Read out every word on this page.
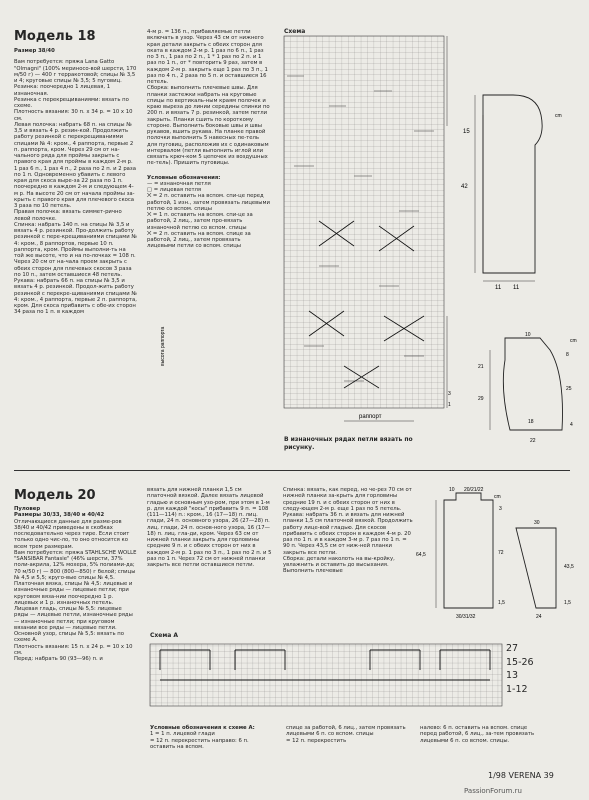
Модель 18

Размер 38/40

Вам потребуется: пряжа Lana Gatto "Olmagni" (100% мериносо-вой шерсти, 170 м/50 г) — 400 г терракотовой; спицы № 3,5 и 4; круговые спицы № 3,5; 5 пуговиц.

Резинка: поочередно 1 лицевая, 1 изнаночная.

Резинка с перекрещиваниями: вязать по схеме.

Плотность вязания: 30 п. x 34 р. = 10 x 10 см.

Левая полочка: набрать 68 п. на спицы № 3,5 и вязать 4 р. резин-кой. Продолжить работу резинкой с перекрещиваниями спицами № 4: кром., 4 раппорта, первые 2 п. раппорта, кром. Через 29 см от на-чального ряда для проймы закрыть с правого края для проймы в каждом 2-м р. 1 раз 6 п., 1 раз 4 п., 2 раза по 2 п. и 2 раза по 1 п. Одновременно убавить с левого края для скоса выре-за 22 раза по 1 п. поочередно в каждом 2-м и следующем 4-м р. На высоте 20 см от начала проймы за-крыть с правого края для плечевого скоса 3 раза по 10 петель.

Правая полочка: вязать симмет-рично левой полочке.

Спинка: набрать 140 п. на спицы № 3,5 и вязать 4 р. резинкой. Про-должить работу резинкой с пере-крещиваниями спицами № 4: кром., 8 раппортов, первые 10 п. раппорта, кром. Проймы выполни-ть на той же высоте, что и на по-лочках = 108 п. Через 20 см от на-чала проем закрыть с обеих сторон для плечевых скосов 3 раза по 10 п., затем оставшиеся 48 петель.

Рукава: набрать 66 п. на спицы № 3,5 и вязать 4 р. резинкой. Продол-жить работу резинкой с перекре-щиваниями спицами № 4: кром., 4 раппорта, первые 2 п. раппорта, кром. Для скоса прибавить с обе-их сторон 34 раза по 1 п. в каждом

4-м р. = 136 п., прибавляемые петли включать в узор. Через 43 см от нижнего края детали закрыть с обеих сторон для оката в каждом 2-м р. 1 раз по 6 п., 1 раз по 3 п., 1 раз по 2 п., 1 * 1 раз по 2 п. и 1 раз по 1 п., от * повторить 9 раз, затем в каждом 2-м р. закрыть еще 1 раз по 3 п., 1 раз по 4 п., 2 раза по 5 п. и оставшиеся 16 петель.

Сборка: выполнить плечевые швы. Для планки застежки набрать на круговые спицы по вертикаль-ным краям полочек и краю выреза до линии середины спинки по 200 п. и вязать 7 р. резинкой, затем петли закрыть. Планки сшить по короткому стороне. Выполнить боковые швы и швы рукавов, вшить рукава. На планке правой полочки выполнить 5 навесных пе-тель для пуговиц, расположив их с одинаковым интервалом (петли выполнить иглой или связать крюч-ком 5 цепочек из воздушных пе-тель). Пришить пуговицы.

Условные обозначения:

— = изнаночная петля

□ = лицевая петля

⨉ = 2 п. оставить на вспом. спи-це перед работой, 1 изн., затем провязать лицевыми петлю со вспом. спицы

⨉ = 1 п. оставить на вспом. спи-це за работой, 2 лиц., затем про-вязать изнаночной петлю со вспом. спицы

⨉ = 2 п. оставить на вспом. спице за работой, 2 лиц., затем провязать лицевыми петли со вспом. спицы

Схема
высота раппорта
3
1
раппорт
В изнаночных рядах петли вязать по рисунку.
15
42
11 11
cm
10
cm
8
21
25
29
18
22
4
Модель 20

Пуловер

Размеры 30/33, 38/40 и 40/42

Отличающиеся данные для разме-ров 38/40 и 40/42 приведены в скобках последовательно через тире. Если стоит только одно чис-ло, то оно относится ко всем трем размерам.

Вам потребуется: пряжа STAHLSCHE WOLLE "SANSIBAR Fantasie" (46% шерсти, 37% поли-акрила, 12% мохера, 5% полиами-да; 70 м/50 г) — 800 (800—850) г белой; спицы № 4,5 и 5,5; круго-вые спицы № 4,5.

Платочная вязка, спицы № 4,5: лицевые и изнаночные ряды — лицевые петли; при круговом вяза-нии поочередно 1 р. лицевых и 1 р. изнаночных петель.

Лицевая гладь, спицы № 5,5: лицевые ряды — лицевые петли, изнаночные ряды — изнаночные петли; при круговом вязании все ряды — лицевые петли.

Основной узор, спицы № 5,5: вязать по схеме A.

Плотность вязания: 15 п. x 24 р. = 10 x 10 см.

Перед: набрать 90 (93—96) п. и

вязать для нижней планки 1,5 см платочной вязкой. Далее вязать лицевой гладью и основным узо-ром, при этом в 1-м р. для каждой "косы" прибавить 9 п. = 108 (111—114) п.: кром., 16 (17—18) п. лиц. глади, 24 п. основного узора, 26 (27—28) п. лиц. глади, 24 п. основ-ного узора, 16 (17—18) п. лиц. гла-ди, кром. Через 63 см от нижней планки закрыть для горловины средние 9 п. и с обеих сторон от них в каждом 2-м р. 1 раз по 3 п., 1 раз по 2 п. и 5 раз по 1 п. Через 72 см от нижней планки закрыть все петли оставшиеся петли.

Спинка: вязать, как перед, но че-рез 70 см от нижней планки за-крыть для горловины средние 19 п. и с обеих сторон от них в следу-ющем 2-м р. еще 1 раз по 5 петель.

Рукава: набрать 36 п. и вязать для нижней планки 1,5 см платочной вязкой. Продолжить работу лице-вой гладью. Для скосов прибавить с обеих сторон в каждом 4-м р. 20 раз по 1 п. и в каждом 3-м р. 7 раз по 1 п. = 90 п. Через 43,5 см от ниж-ней планки закрыть все петли.

Сборка: детали наколоть на вы-кройку, увлажнить и оставить до высыхания. Выполнить плечевые

10 20/21/22
cm
3
64,5	72
30
43,5
1,5	1,5
30/31/32	24
Схема А
27
15-26
13
1-12

Условные обозначения к схеме А:

1 = 1 п. лицевой глади

= 12 п. перекрестить направо: 6 п. оставить на вспом.

спице за работой, 6 лиц., затем провязать лицевыми 6 п. со вспом. спицы

= 12 п. перекрестить

налево: 6 п. оставить на вспом. спице перед работой, 6 лиц., за-тем провязать лицевыми 6 п. со вспом. спицы.

1/98 VERENA 39
PassionForum.ru
